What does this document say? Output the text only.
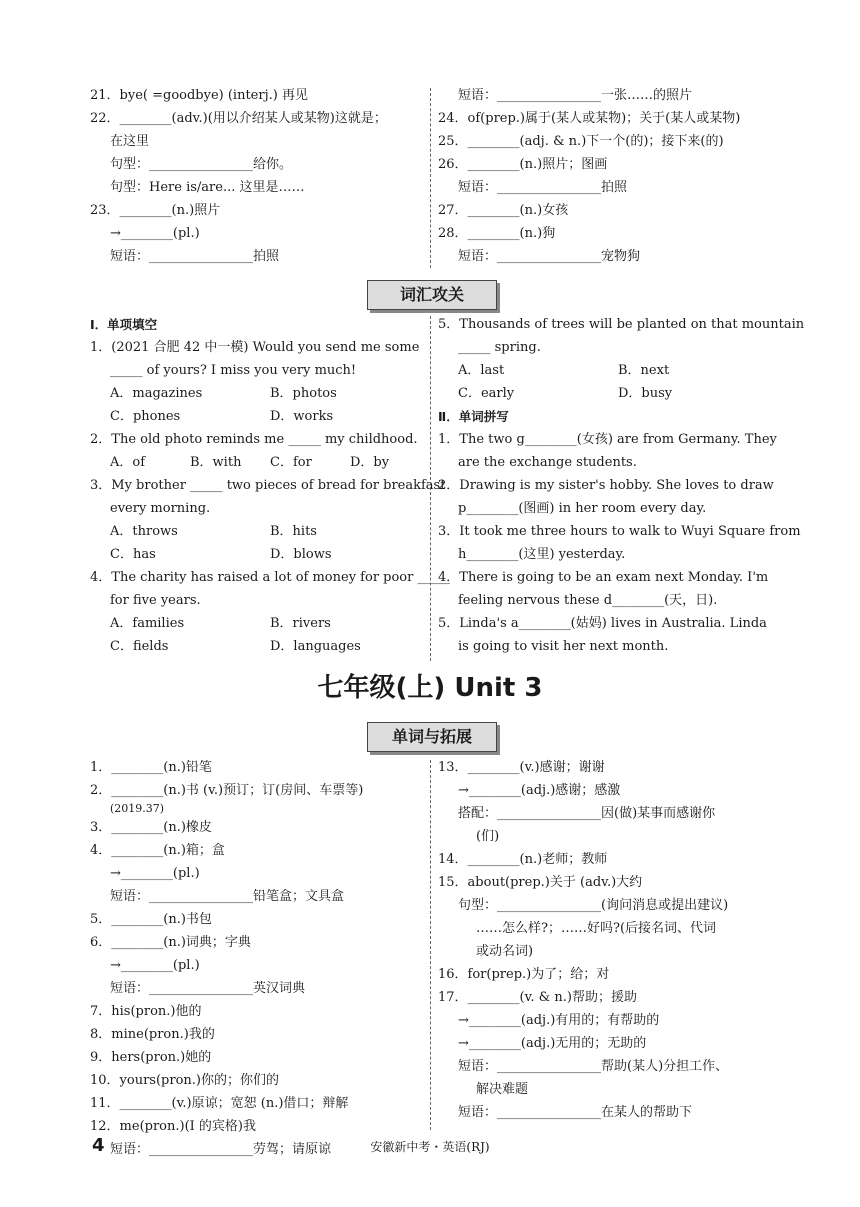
21．bye( =goodbye) (interj.) 再见
22．________(adv.)(用以介绍某人或某物)这就是；
在这里
句型：________________给你。
句型：Here is/are... 这里是……
23．________(n.)照片
→________(pl.)
短语：________________拍照
短语：________________一张……的照片
24．of(prep.)属于(某人或某物)；关于(某人或某物)
25．________(adj. & n.)下一个(的)；接下来(的)
26．________(n.)照片；图画
短语：________________拍照
27．________(n.)女孩
28．________(n.)狗
短语：________________宠物狗
词汇攻关
Ⅰ．单项填空
1．(2021 合肥 42 中一模) Would you send me some
_____ of yours? I miss you very much!
A．magazines	B．photos
C．phones	D．works
2．The old photo reminds me _____ my childhood.
A．of	B．with C．for	D．by
3．My brother _____ two pieces of bread for breakfast
every morning.
A．throws	B．hits
C．has	D．blows
4．The charity has raised a lot of money for poor _____
for five years.
A．families	B．rivers
C．fields	D．languages
5．Thousands of trees will be planted on that mountain
_____ spring.
A．last	B．next
C．early	D．busy
Ⅱ．单词拼写
1．The two g________(女孩) are from Germany. They
are the exchange students.
2．Drawing is my sister's hobby. She loves to draw
p________(图画) in her room every day.
3．It took me three hours to walk to Wuyi Square from
h________(这里) yesterday.
4．There is going to be an exam next Monday. I'm
feeling nervous these d________(天，日).
5．Linda's a________(姑妈) lives in Australia. Linda
is going to visit her next month.
七年级(上) Unit 3
单词与拓展
1．________(n.)铅笔
2．________(n.)书 (v.)预订；订(房间、车票等)
(2019.37)
3．________(n.)橡皮
4．________(n.)箱；盒
→________(pl.)
短语：________________铅笔盒；文具盒
5．________(n.)书包
6．________(n.)词典；字典
→________(pl.)
短语：________________英汉词典
7．his(pron.)他的
8．mine(pron.)我的
9．hers(pron.)她的
10．yours(pron.)你的；你们的
11．________(v.)原谅；宽恕 (n.)借口；辩解
12．me(pron.)(I 的宾格)我
短语：________________劳驾；请原谅
13．________(v.)感谢；谢谢
→________(adj.)感谢；感激
搭配：________________因(做)某事而感谢你
(们)
14．________(n.)老师；教师
15．about(prep.)关于 (adv.)大约
句型：________________(询问消息或提出建议)
……怎么样?；……好吗?(后接名词、代词
或动名词)
16．for(prep.)为了；给；对
17．________(v. & n.)帮助；援助
→________(adj.)有用的；有帮助的
→________(adj.)无用的；无助的
短语：________________帮助(某人)分担工作、
解决难题
短语：________________在某人的帮助下
4	安徽新中考・英语(RJ)
